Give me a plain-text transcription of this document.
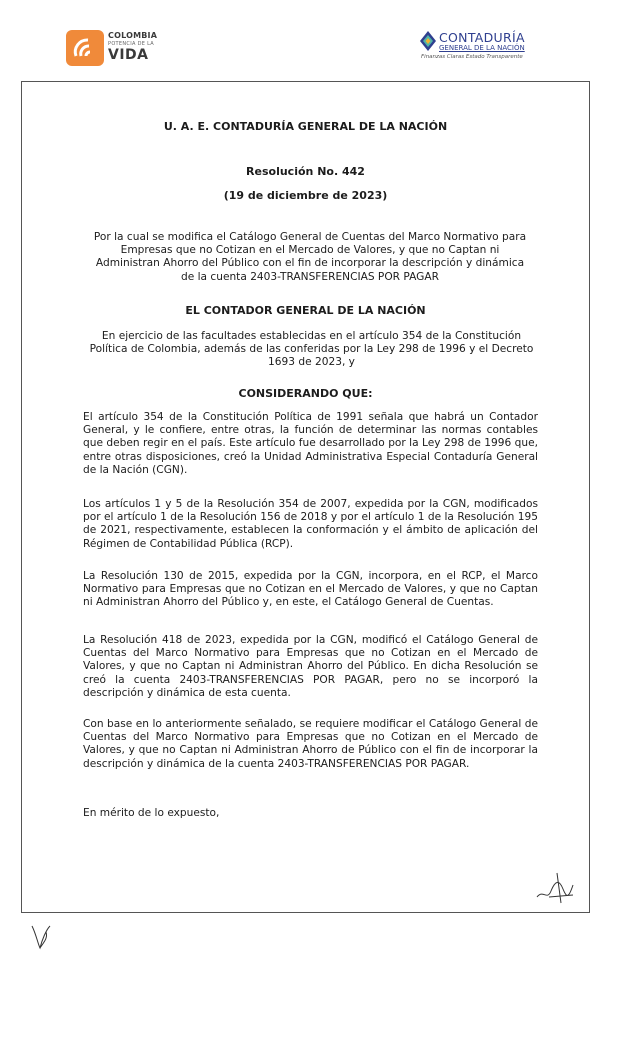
COLOMBIA
POTENCIA DE LA
VIDA
CONTADURÍA
GENERAL DE LA NACIÓN
Finanzas Claras Estado Transparente
U. A. E. CONTADURÍA GENERAL DE LA NACIÓN
Resolución No. 442
(19 de diciembre de 2023)
Por la cual se modifica el Catálogo General de Cuentas del Marco Normativo para Empresas que no Cotizan en el Mercado de Valores, y que no Captan ni Administran Ahorro del Público con el fin de incorporar la descripción y dinámica de la cuenta 2403-TRANSFERENCIAS POR PAGAR
EL CONTADOR GENERAL DE LA NACIÓN
En ejercicio de las facultades establecidas en el artículo 354 de la Constitución Política de Colombia, además de las conferidas por la Ley 298 de 1996 y el Decreto 1693 de 2023, y
CONSIDERANDO QUE:
El artículo 354 de la Constitución Política de 1991 señala que habrá un Contador General, y le confiere, entre otras, la función de determinar las normas contables que deben regir en el país. Este artículo fue desarrollado por la Ley 298 de 1996 que, entre otras disposiciones, creó la Unidad Administrativa Especial Contaduría General de la Nación (CGN).
Los artículos 1 y 5 de la Resolución 354 de 2007, expedida por la CGN, modificados por el artículo 1 de la Resolución 156 de 2018 y por el artículo 1 de la Resolución 195 de 2021, respectivamente, establecen la conformación y el ámbito de aplicación del Régimen de Contabilidad Pública (RCP).
La Resolución 130 de 2015, expedida por la CGN, incorpora, en el RCP, el Marco Normativo para Empresas que no Cotizan en el Mercado de Valores, y que no Captan ni Administran Ahorro del Público y, en este, el Catálogo General de Cuentas.
La Resolución 418 de 2023, expedida por la CGN, modificó el Catálogo General de Cuentas del Marco Normativo para Empresas que no Cotizan en el Mercado de Valores, y que no Captan ni Administran Ahorro del Público. En dicha Resolución se creó la cuenta 2403-TRANSFERENCIAS POR PAGAR, pero no se incorporó la descripción y dinámica de esta cuenta.
Con base en lo anteriormente señalado, se requiere modificar el Catálogo General de Cuentas del Marco Normativo para Empresas que no Cotizan en el Mercado de Valores, y que no Captan ni Administran Ahorro de Público con el fin de incorporar la descripción y dinámica de la cuenta 2403-TRANSFERENCIAS POR PAGAR.
En mérito de lo expuesto,
